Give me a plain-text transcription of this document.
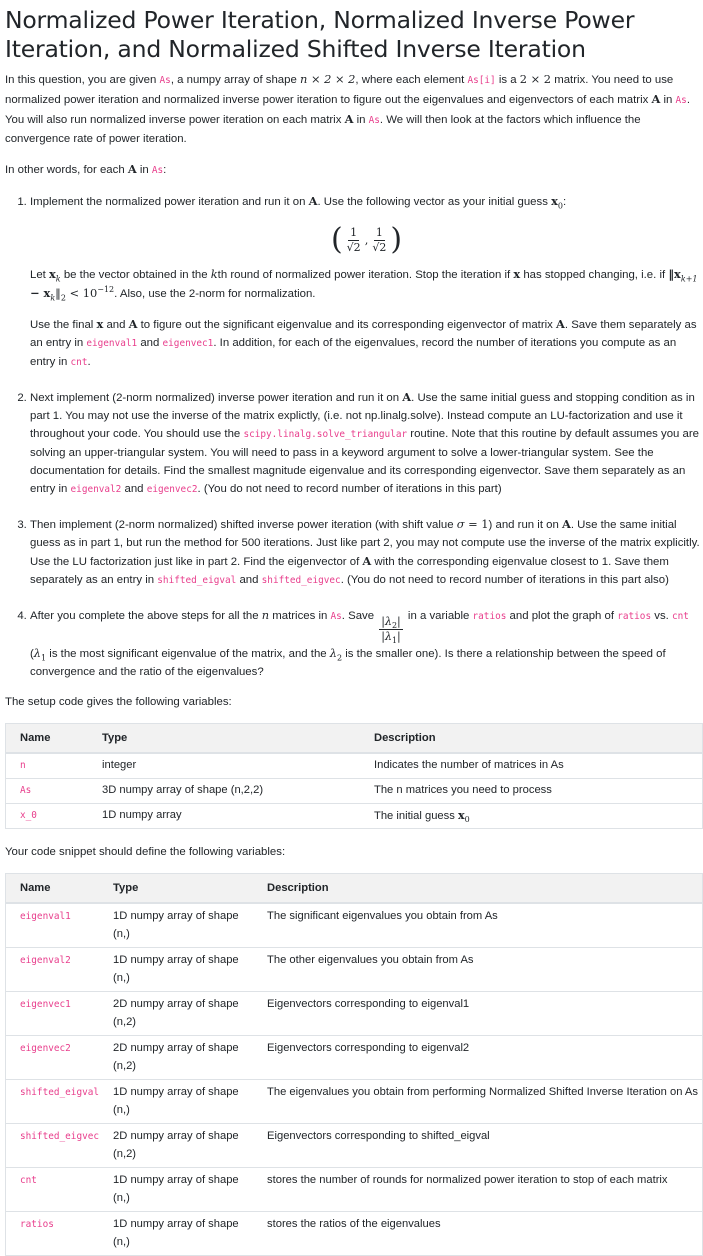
Normalized Power Iteration, Normalized Inverse Power Iteration, and Normalized Shifted Inverse Iteration

In this question, you are given As, a numpy array of shape n × 2 × 2, where each element As[i] is a 2 × 2 matrix. You need to use normalized power iteration and normalized inverse power iteration to figure out the eigenvalues and eigenvectors of each matrix A in As. You will also run normalized inverse power iteration on each matrix A in As. We will then look at the factors which influence the convergence rate of power iteration.

In other words, for each A in As:

1. Implement the normalized power iteration and run it on A. Use the following vector as your initial guess $x_0$:

( $\frac{1}{√2}$ , $\frac{1}{√2}$ )

Let $x_k$ be the vector obtained in the kth round of normalized power iteration. Stop the iteration if x has stopped changing, i.e. if $‖x_{k+1}$ − $x_k‖_2 < 10^{-12}$. Also, use the 2-norm for normalization.

Use the final x and A to figure out the significant eigenvalue and its corresponding eigenvector of matrix A. Save them separately as an entry in eigenval1 and eigenvec1. In addition, for each of the eigenvalues, record the number of iterations you compute as an entry in cnt.

2. Next implement (2-norm normalized) inverse power iteration and run it on A. Use the same initial guess and stopping condition as in part 1. You may not use the inverse of the matrix explictly, (i.e. not np.linalg.solve). Instead compute an LU-factorization and use it throughout your code. You should use the scipy.linalg.solve_triangular routine. Note that this routine by default assumes you are solving an upper-triangular system. You will need to pass in a keyword argument to solve a lower-triangular system. See the documentation for details. Find the smallest magnitude eigenvalue and its corresponding eigenvector. Save them separately as an entry in eigenval2 and eigenvec2. (You do not need to record number of iterations in this part)
3. Then implement (2-norm normalized) shifted inverse power iteration (with shift value σ = 1) and run it on A. Use the same initial guess as in part 1, but run the method for 500 iterations. Just like part 2, you may not compute use the inverse of the matrix explicitly. Use the LU factorization just like in part 2. Find the eigenvector of A with the corresponding eigenvalue closest to 1. Save them separately as an entry in shifted_eigval and shifted_eigvec. (You do not need to record number of iterations in this part also)
4. After you complete the above steps for all the n matrices in As. Save $\frac{|\lambda_2|}{|\lambda_1|}$ in a variable ratios and plot the graph of ratios vs. cnt ($\lambda_1$ is the most significant eigenvalue of the matrix, and the $\lambda_2$ is the smaller one). Is there a relationship between the speed of convergence and the ratio of the eigenvalues?

The setup code gives the following variables:

Name	Type	Description
n	integer	Indicates the number of matrices in As
As	3D numpy array of shape (n,2,2)	The n matrices you need to process
x_0	1D numpy array	The initial guess $x_0$

Your code snippet should define the following variables:

Name	Type	Description
eigenval1	1D numpy array of shape (n,)	The significant eigenvalues you obtain from As
eigenval2	1D numpy array of shape (n,)	The other eigenvalues you obtain from As
eigenvec1	2D numpy array of shape (n,2)	Eigenvectors corresponding to eigenval1
eigenvec2	2D numpy array of shape (n,2)	Eigenvectors corresponding to eigenval2
shifted_eigval	1D numpy array of shape (n,)	The eigenvalues you obtain from performing Normalized Shifted Inverse Iteration on As
shifted_eigvec	2D numpy array of shape (n,2)	Eigenvectors corresponding to shifted_eigval
cnt	1D numpy array of shape (n,)	stores the number of rounds for normalized power iteration to stop of each matrix
ratios	1D numpy array of shape (n,)	stores the ratios of the eigenvalues
